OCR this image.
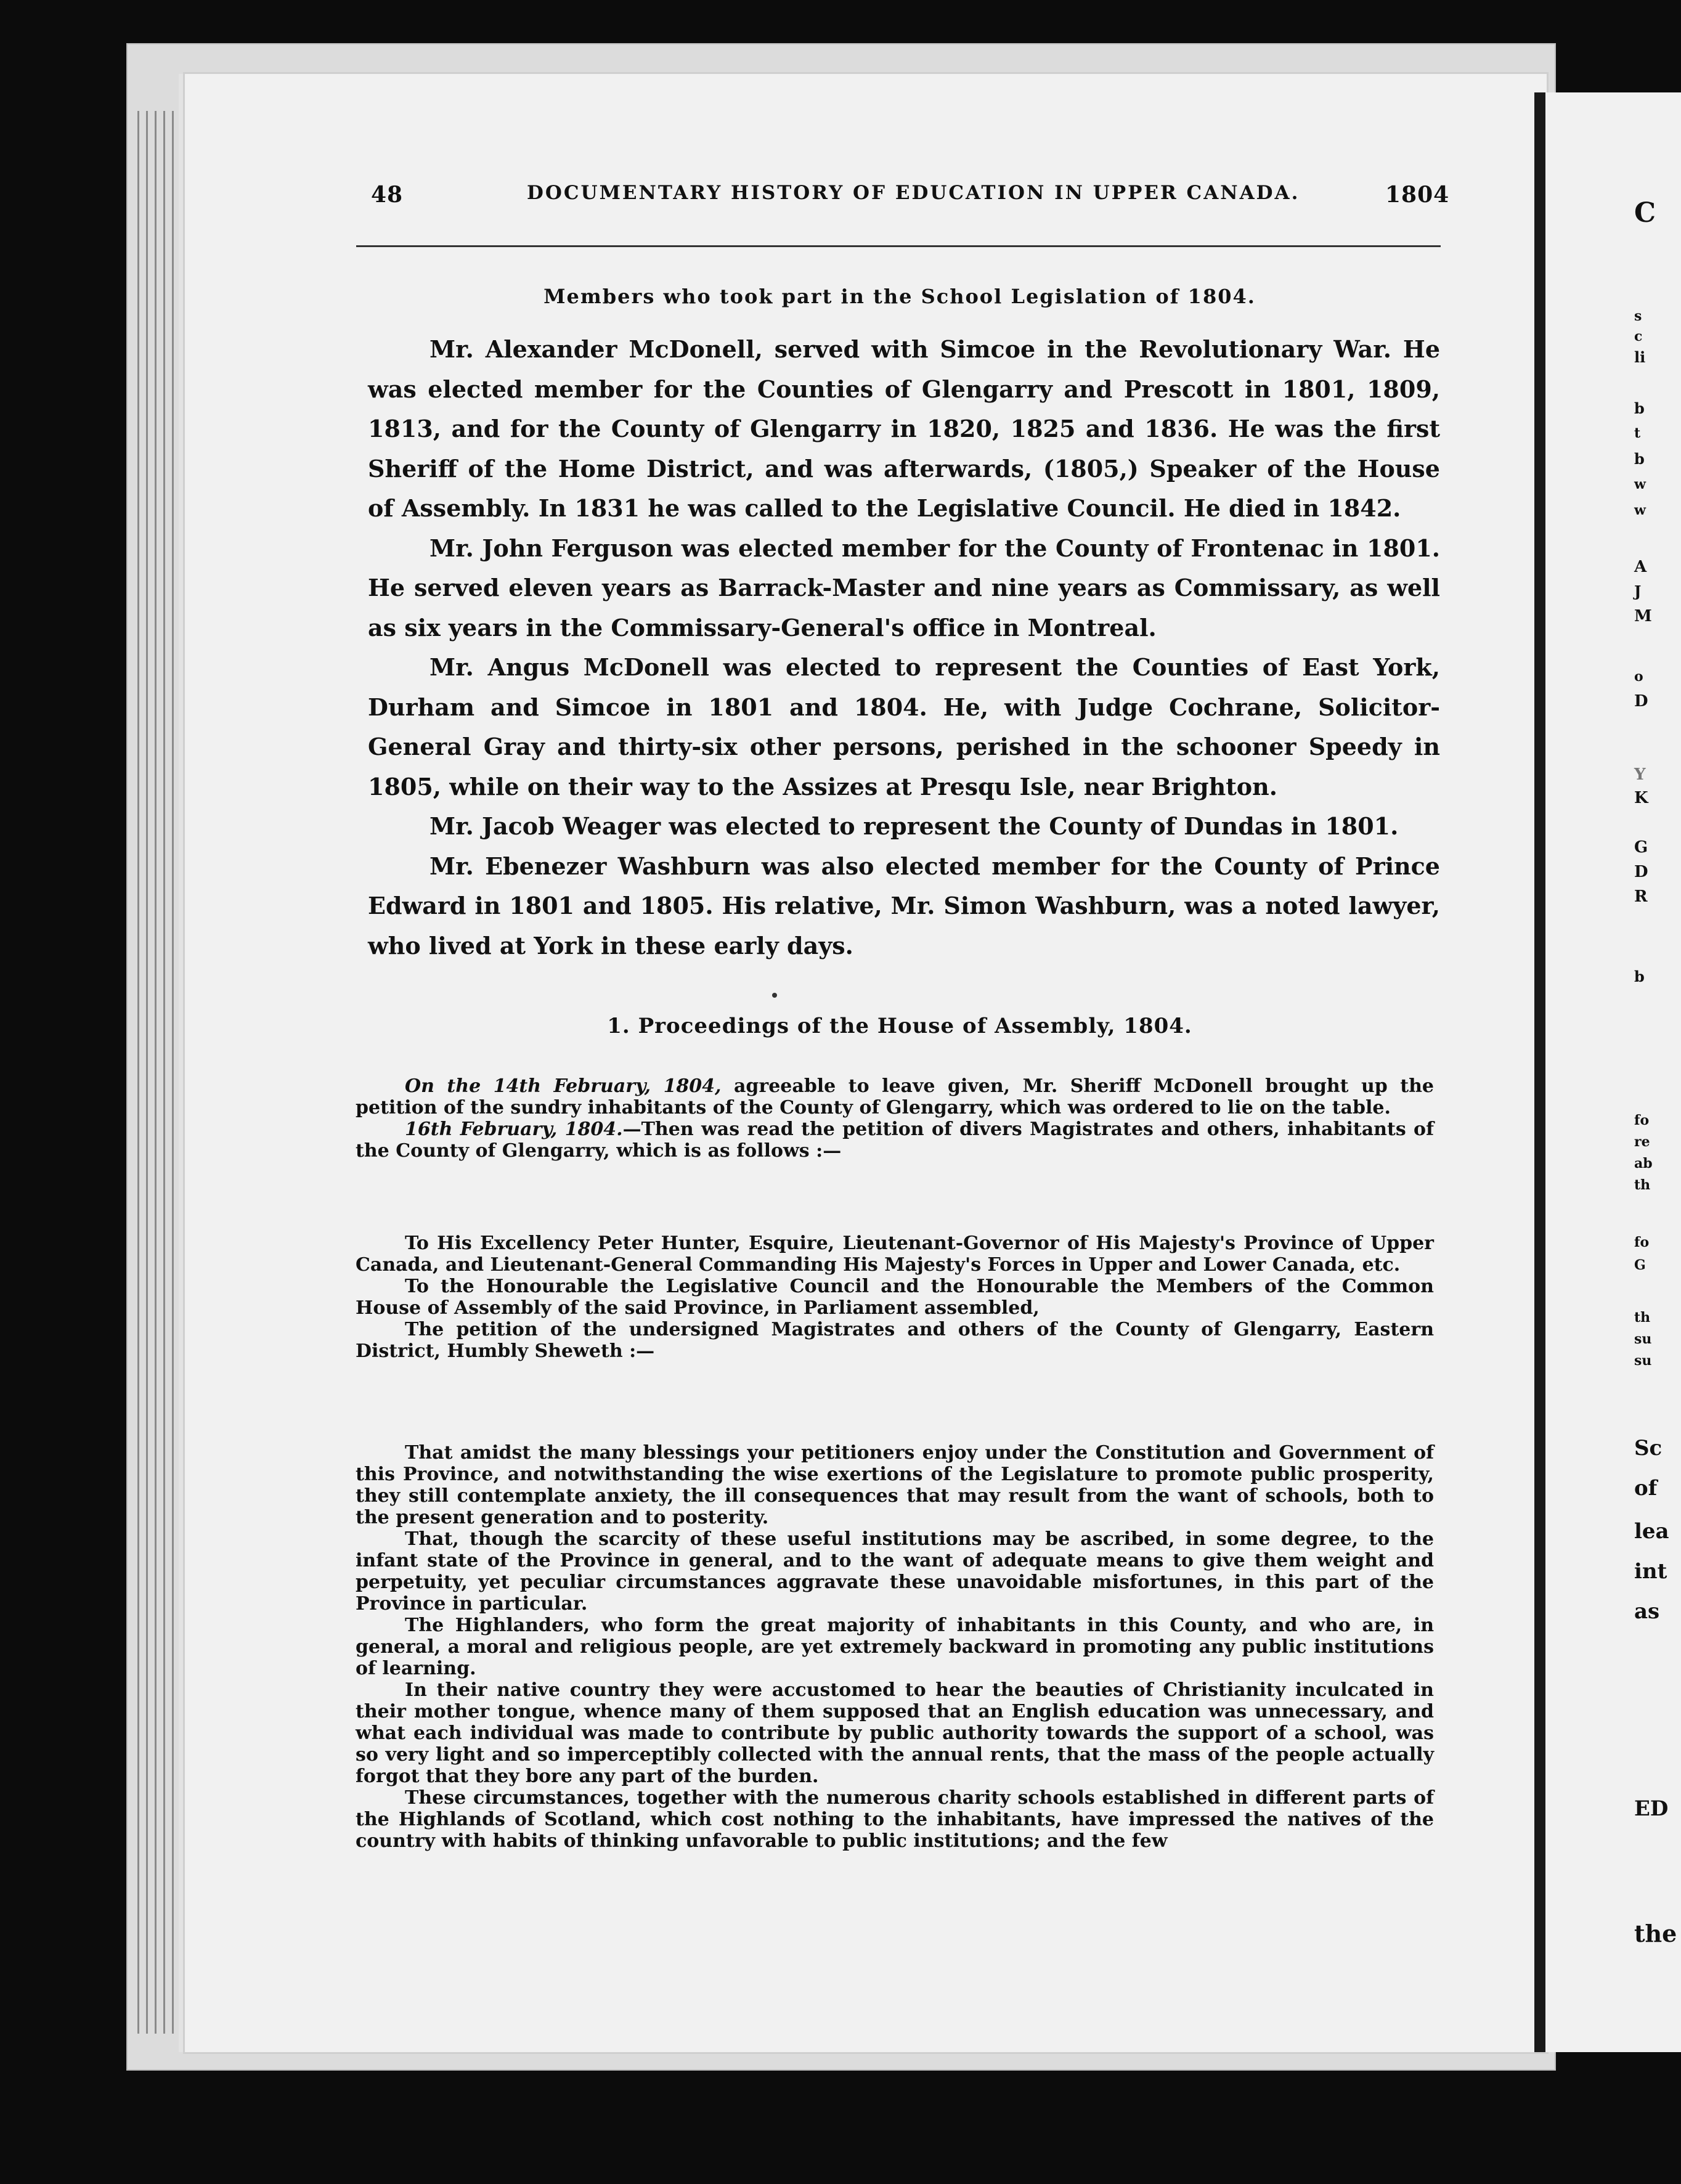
48	DOCUMENTARY HISTORY OF EDUCATION IN UPPER CANADA.	1804
Members who took part in the School Legislation of 1804.

Mr. Alexander McDonell, served with Simcoe in the Revolutionary War. He was elected member for the Counties of Glengarry and Prescott in 1801, 1809, 1813, and for the County of Glengarry in 1820, 1825 and 1836. He was the first Sheriff of the Home District, and was afterwards, (1805,) Speaker of the House of Assembly. In 1831 he was called to the Legislative Council. He died in 1842.

Mr. John Ferguson was elected member for the County of Frontenac in 1801. He served eleven years as Barrack-Master and nine years as Commissary, as well as six years in the Commissary-General's office in Montreal.

Mr. Angus McDonell was elected to represent the Counties of East York, Durham and Simcoe in 1801 and 1804. He, with Judge Cochrane, Solicitor-General Gray and thirty-six other persons, perished in the schooner Speedy in 1805, while on their way to the Assizes at Presqu Isle, near Brighton.

Mr. Jacob Weager was elected to represent the County of Dundas in 1801.

Mr. Ebenezer Washburn was also elected member for the County of Prince Edward in 1801 and 1805. His relative, Mr. Simon Washburn, was a noted lawyer, who lived at York in these early days.

1. Proceedings of the House of Assembly, 1804.

On the 14th February, 1804, agreeable to leave given, Mr. Sheriff McDonell brought up the petition of the sundry inhabitants of the County of Glengarry, which was ordered to lie on the table.

16th February, 1804.—Then was read the petition of divers Magistrates and others, inhabitants of the County of Glengarry, which is as follows :—

To His Excellency Peter Hunter, Esquire, Lieutenant-Governor of His Majesty's Province of Upper Canada, and Lieutenant-General Commanding His Majesty's Forces in Upper and Lower Canada, etc.

To the Honourable the Legislative Council and the Honourable the Members of the Common House of Assembly of the said Province, in Parliament assembled,

The petition of the undersigned Magistrates and others of the County of Glengarry, Eastern District, Humbly Sheweth :—

That amidst the many blessings your petitioners enjoy under the Constitution and Government of this Province, and notwithstanding the wise exertions of the Legislature to promote public prosperity, they still contemplate anxiety, the ill consequences that may result from the want of schools, both to the present generation and to posterity.

That, though the scarcity of these useful institutions may be ascribed, in some degree, to the infant state of the Province in general, and to the want of adequate means to give them weight and perpetuity, yet peculiar circumstances aggravate these unavoidable misfortunes, in this part of the Province in particular.

The Highlanders, who form the great majority of inhabitants in this County, and who are, in general, a moral and religious people, are yet extremely backward in promoting any public institutions of learning.

In their native country they were accustomed to hear the beauties of Christianity inculcated in their mother tongue, whence many of them supposed that an English education was unnecessary, and what each individual was made to contribute by public authority towards the support of a school, was so very light and so imperceptibly collected with the annual rents, that the mass of the people actually forgot that they bore any part of the burden.

These circumstances, together with the numerous charity schools established in different parts of the Highlands of Scotland, which cost nothing to the inhabitants, have impressed the natives of the country with habits of thinking unfavorable to public institutions; and the few

C
s
c
li
b
t
b
w
w
A
J
M
o
D
Y
K
G
D
R
b
fo
re
ab
th
fo
G
th
su
su
Sc
of
lea
int
as
ED
the
